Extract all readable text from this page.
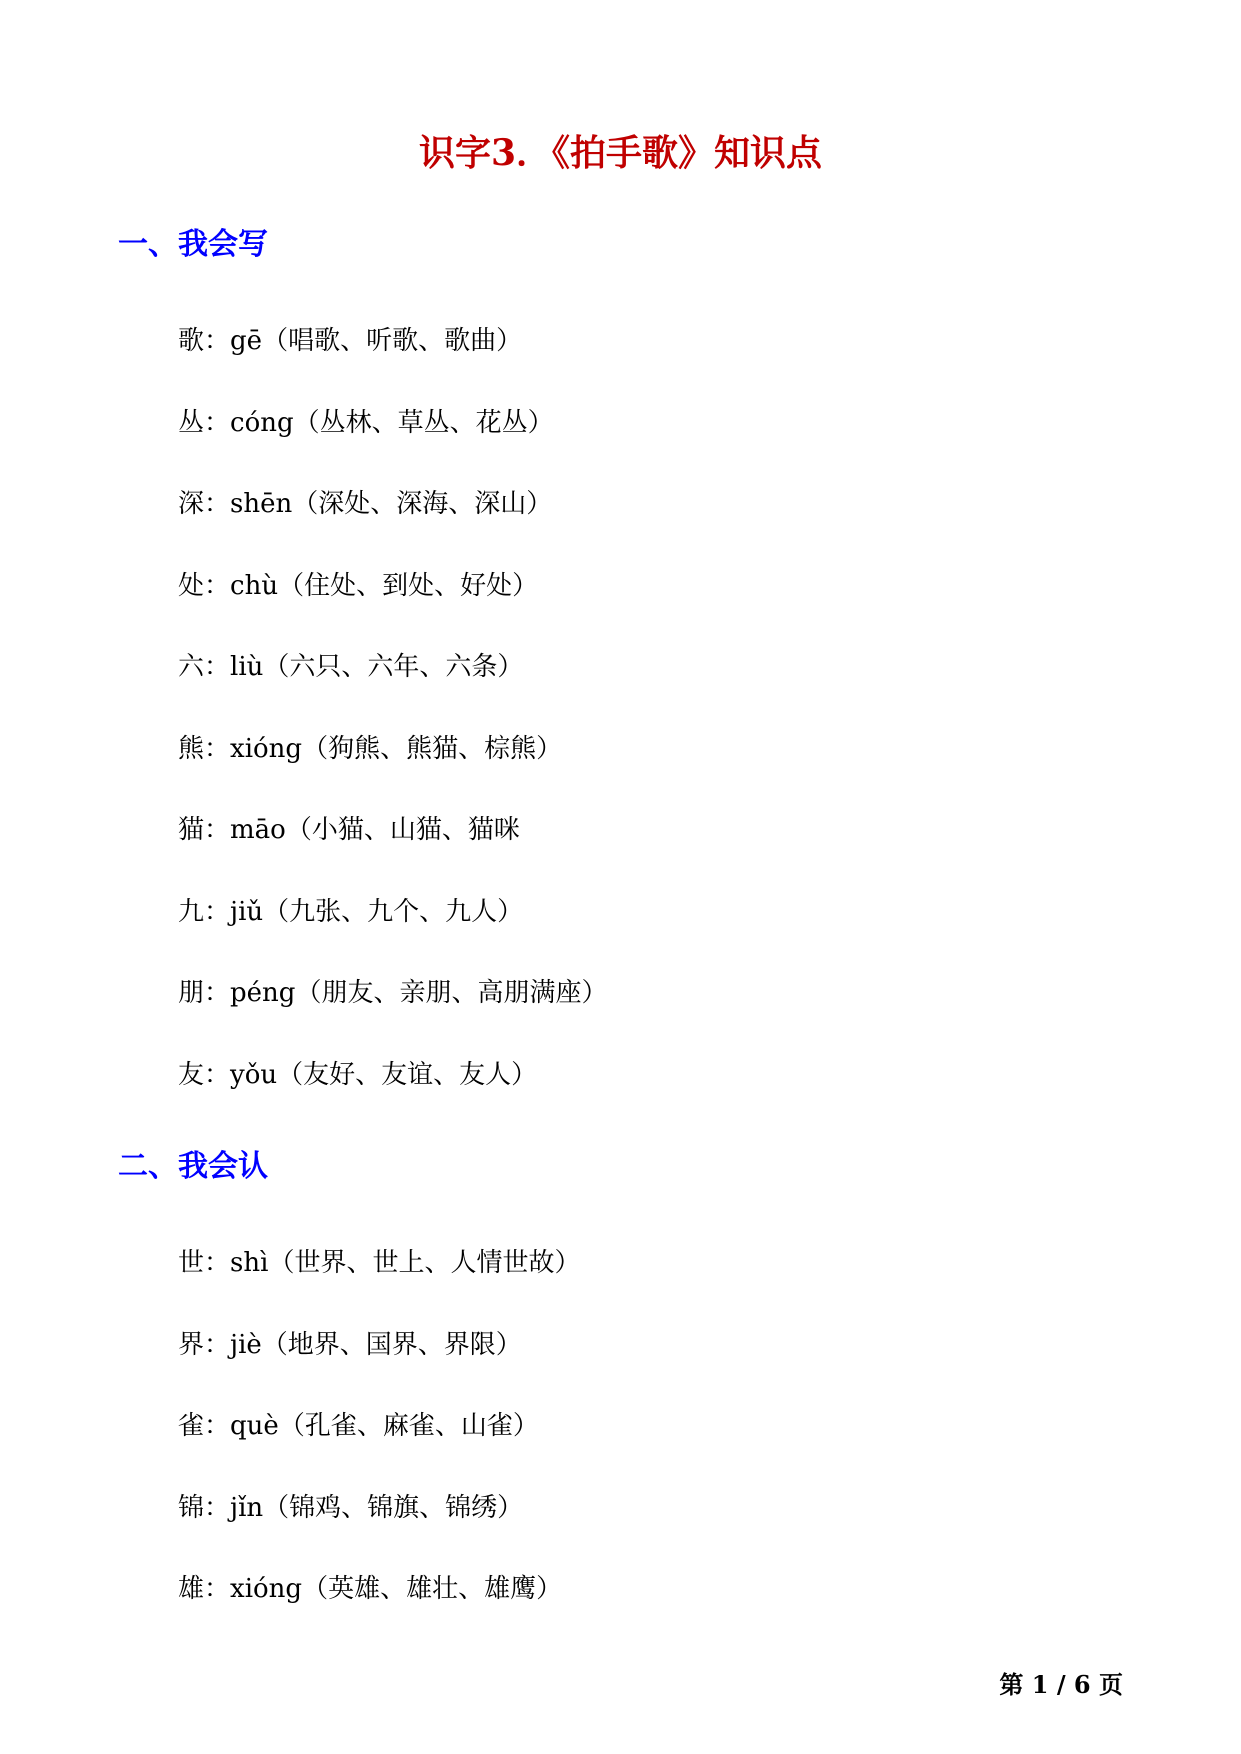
识字3．《拍手歌》知识点
一、我会写
歌：gē（唱歌、听歌、歌曲）
丛：cóng（丛林、草丛、花丛）
深：shēn（深处、深海、深山）
处：chù（住处、到处、好处）
六：liù（六只、六年、六条）
熊：xióng（狗熊、熊猫、棕熊）
猫：māo（小猫、山猫、猫咪
九：jiǔ（九张、九个、九人）
朋：péng（朋友、亲朋、高朋满座）
友：yǒu（友好、友谊、友人）
二、我会认
世：shì（世界、世上、人情世故）
界：jiè（地界、国界、界限）
雀：què（孔雀、麻雀、山雀）
锦：jǐn（锦鸡、锦旗、锦绣）
雄：xióng（英雄、雄壮、雄鹰）
第 1 / 6 页
